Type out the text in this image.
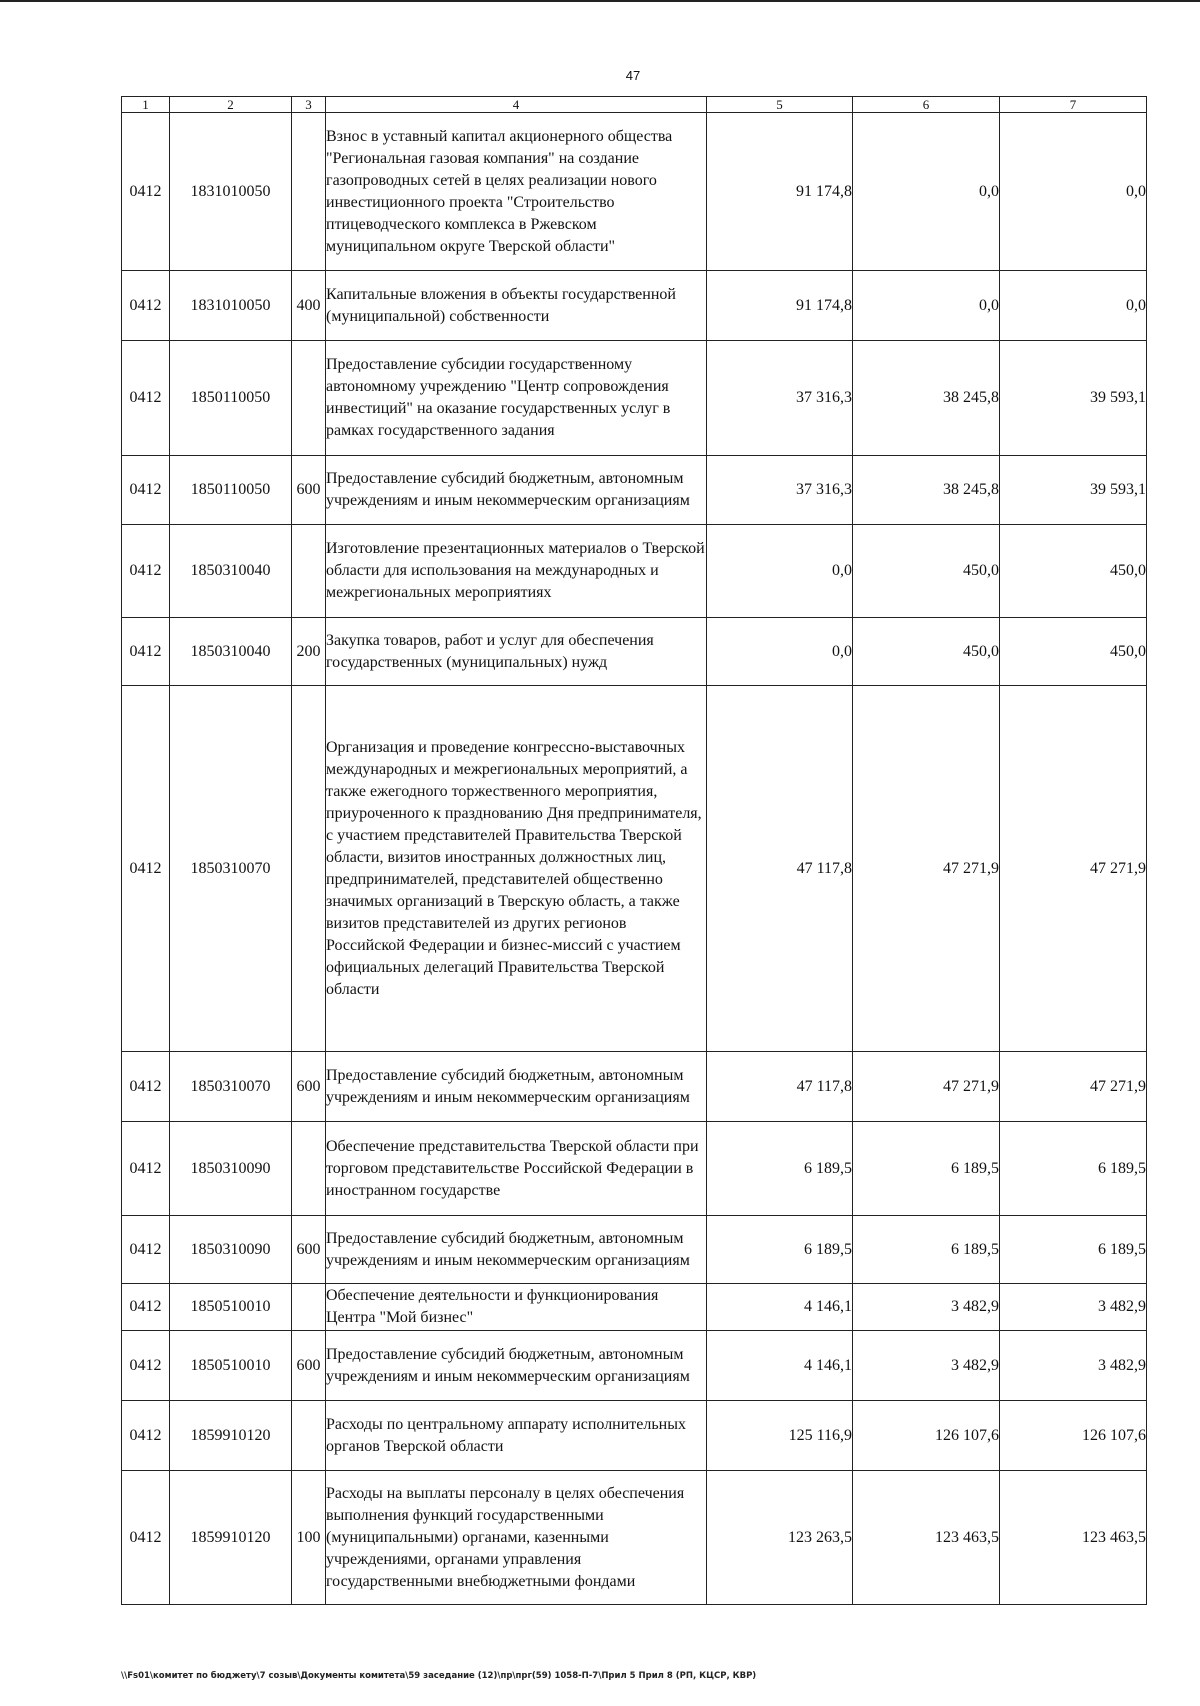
47
1	2	3	4	5	6	7
0412	1831010050		Взнос в уставный капитал акционерного общества "Региональная газовая компания" на создание газопроводных сетей в целях реализации нового инвестиционного проекта "Строительство птицеводческого комплекса в Ржевском муниципальном округе Тверской области"	91 174,8	0,0	0,0
0412	1831010050	400	Капитальные вложения в объекты государственной (муниципальной) собственности	91 174,8	0,0	0,0
0412	1850110050		Предоставление субсидии государственному автономному учреждению "Центр сопровождения инвестиций" на оказание государственных услуг в рамках государственного задания	37 316,3	38 245,8	39 593,1
0412	1850110050	600	Предоставление субсидий бюджетным, автономным учреждениям и иным некоммерческим организациям	37 316,3	38 245,8	39 593,1
0412	1850310040		Изготовление презентационных материалов о Тверской области для использования на международных и межрегиональных мероприятиях	0,0	450,0	450,0
0412	1850310040	200	Закупка товаров, работ и услуг для обеспечения государственных (муниципальных) нужд	0,0	450,0	450,0
0412	1850310070		Организация и проведение конгрессно-выставочных международных и межрегиональных мероприятий, а также ежегодного торжественного мероприятия, приуроченного к празднованию Дня предпринимателя, с участием представителей Правительства Тверской области, визитов иностранных должностных лиц, предпринимателей, представителей общественно значимых организаций в Тверскую область, а также визитов представителей из других регионов Российской Федерации и бизнес-миссий с участием официальных делегаций Правительства Тверской области	47 117,8	47 271,9	47 271,9
0412	1850310070	600	Предоставление субсидий бюджетным, автономным учреждениям и иным некоммерческим организациям	47 117,8	47 271,9	47 271,9
0412	1850310090		Обеспечение представительства Тверской области при торговом представительстве Российской Федерации в иностранном государстве	6 189,5	6 189,5	6 189,5
0412	1850310090	600	Предоставление субсидий бюджетным, автономным учреждениям и иным некоммерческим организациям	6 189,5	6 189,5	6 189,5
0412	1850510010		Обеспечение деятельности и функционирования Центра "Мой бизнес"	4 146,1	3 482,9	3 482,9
0412	1850510010	600	Предоставление субсидий бюджетным, автономным учреждениям и иным некоммерческим организациям	4 146,1	3 482,9	3 482,9
0412	1859910120		Расходы по центральному аппарату исполнительных органов Тверской области	125 116,9	126 107,6	126 107,6
0412	1859910120	100	Расходы на выплаты персоналу в целях обеспечения выполнения функций государственными (муниципальными) органами, казенными учреждениями, органами управления государственными внебюджетными фондами	123 263,5	123 463,5	123 463,5
\\Fs01\комитет по бюджету\7 созыв\Документы комитета\59 заседание (12)\пр\прг(59) 1058-П-7\Прил 5 Прил 8 (РП, КЦСР, КВР)
